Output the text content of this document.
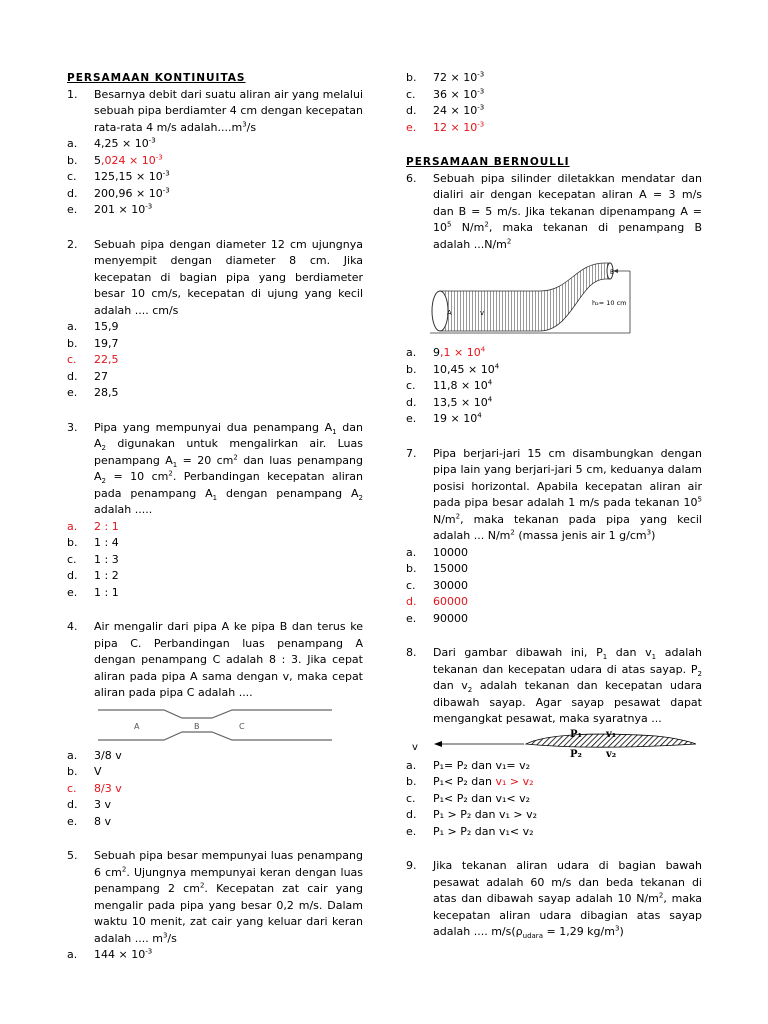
PERSAMAAN KONTINUITAS
1. Besarnya debit dari suatu aliran air yang melalui sebuah pipa berdiamter 4 cm dengan kecepatan rata-rata 4 m/s $adalah....m^3/s$
a. $4,25 \times 10^{-3}$
b. $5,024 \times 10^{-3}$
c. $125,15 \times 10^{-3}$
d. $200,96 \times 10^{-3}$
e. $201 \times 10^{-3}$
2. Sebuah pipa dengan diameter 12 cm ujungnya menyempit dengan diameter 8 cm. Jika kecepatan di bagian pipa yang berdiameter besar 10 cm/s, kecepatan di ujung yang kecil adalah .... cm/s
a. 15,9
b. 19,7
c. 22,5
d. 27
e. 28,5
3. Pipa yang mempunyai dua penampang $A_1$ dan $A_2$ digunakan untuk mengalirkan air. Luas penampang $A_1 = 20$ $cm^2$ dan luas penampang $A_2 = 10$ $cm^2$. Perbandingan kecepatan aliran pada penampang $A_1$ dengan penampang $A_2$ adalah .....
a. 2 : 1
b. 1 : 4
c. 1 : 3
d. 1 : 2
e. 1 : 1
4. Air mengalir dari pipa A ke pipa B dan terus ke pipa C. Perbandingan luas penampang A dengan penampang C adalah 8 : 3. Jika cepat aliran pada pipa A sama dengan v, maka cepat aliran pada pipa C adalah ....
A	B	C
a. 3/8 v
b. V
c. 8/3 v
d. 3 v
e. 8 v
5. Sebuah pipa besar mempunyai luas penampang 6 $cm^2$. Ujungnya mempunyai keran dengan luas penampang 2 $cm^2$. Kecepatan zat cair yang mengalir pada pipa yang besar 0,2 m/s. Dalam waktu 10 menit, zat cair yang keluar dari keran adalah .... $m^3/s$
a. $144 \times 10^{-3}$
b. $72 \times 10^{-3}$
c. $36 \times 10^{-3}$
d. $24 \times 10^{-3}$
e. $12 \times 10^{-3}$
PERSAMAAN BERNOULLI
6. Sebuah pipa silinder diletakkan mendatar dan dialiri air dengan kecepatan aliran A = 3 m/s dan B = 5 m/s. Jika tekanan dipenampang $A = 10^5$ $N/m^2$, maka tekanan di penampang B adalah $...N/m^2$
A	v
B
h₂= 10 cm
a. $9,1 \times 10^4$
b. $10,45 \times 10^4$
c. $11,8 \times 10^4$
d. $13,5 \times 10^4$
e. $19 \times 10^4$
7. Pipa berjari-jari 15 cm disambungkan dengan pipa lain yang berjari-jari 5 cm, keduanya dalam posisi horizontal. Apabila kecepatan aliran air pada pipa besar adalah 1 m/s pada tekanan $10^5$ $N/m^2$, maka tekanan pada pipa yang kecil adalah ... $N/m^2$ (massa jenis air 1 $g/cm^3$)
a. 10000
b. 15000
c. 30000
d. 60000
e. 90000
8. Dari gambar dibawah ini, $P_1$ dan $v_1$ adalah tekanan dan kecepatan udara di atas sayap. $P_2$ dan $v_2$ adalah tekanan dan kecepatan udara dibawah sayap. Agar sayap pesawat dapat mengangkat pesawat, maka syaratnya ...
v
P₁ v₁
P₂ v₂
a. P₁= P₂ dan v₁= v₂
b. P₁< P₂ dan v₁ > v₂
c. P₁< P₂ dan v₁< v₂
d. P₁ > P₂ dan v₁ > v₂
e. P₁ > P₂ dan v₁< v₂
9. Jika tekanan aliran udara di bagian bawah pesawat adalah 60 m/s dan beda tekanan di atas dan dibawah sayap adalah 10 $N/m^2$, maka kecepatan aliran udara dibagian atas sayap adalah .... $m/s(\rho_{udara} = 1,29$ $kg/m^3$)
